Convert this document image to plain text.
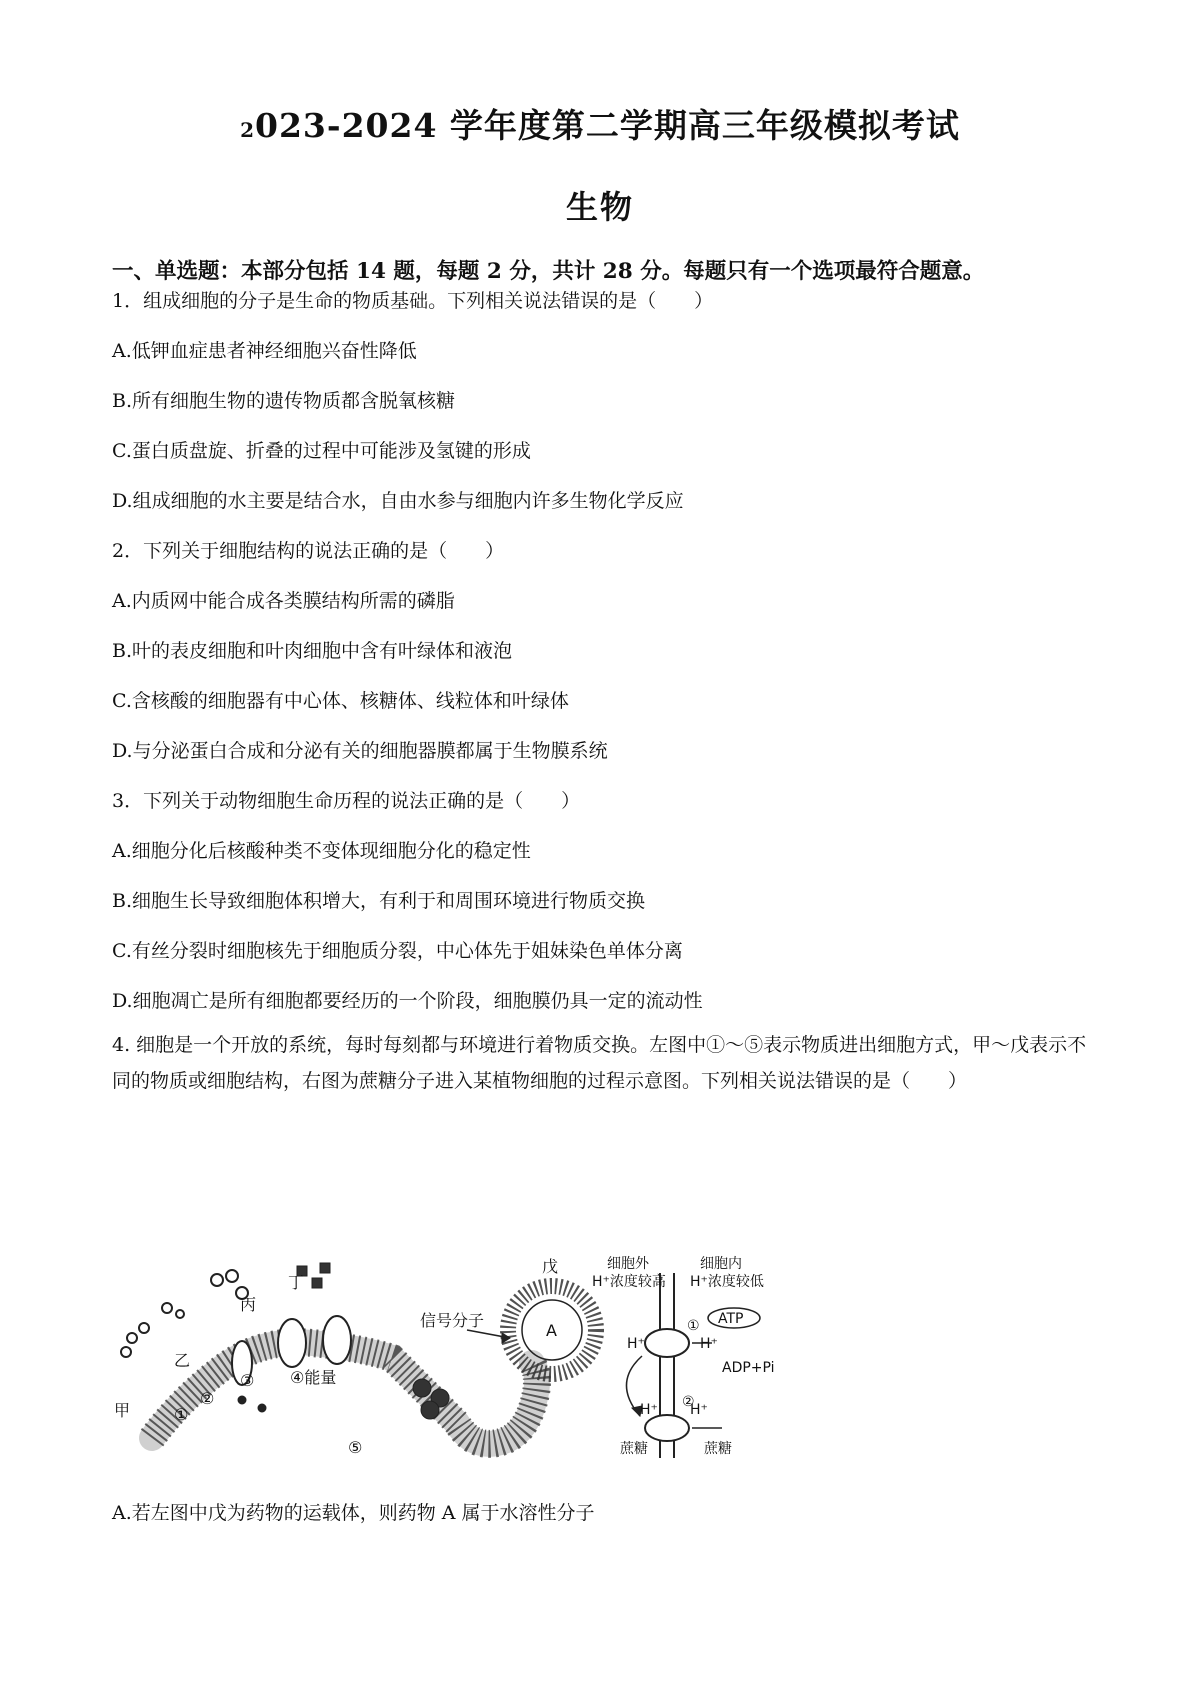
2023-2024 学年度第二学期高三年级模拟考试
生物
一、单选题：本部分包括 14 题，每题 2 分，共计 28 分。每题只有一个选项最符合题意。
1．组成细胞的分子是生命的物质基础。下列相关说法错误的是（　　）
A.低钾血症患者神经细胞兴奋性降低
B.所有细胞生物的遗传物质都含脱氧核糖
C.蛋白质盘旋、折叠的过程中可能涉及氢键的形成
D.组成细胞的水主要是结合水，自由水参与细胞内许多生物化学反应
2．下列关于细胞结构的说法正确的是（　　）
A.内质网中能合成各类膜结构所需的磷脂
B.叶的表皮细胞和叶肉细胞中含有叶绿体和液泡
C.含核酸的细胞器有中心体、核糖体、线粒体和叶绿体
D.与分泌蛋白合成和分泌有关的细胞器膜都属于生物膜系统
3．下列关于动物细胞生命历程的说法正确的是（　　）
A.细胞分化后核酸种类不变体现细胞分化的稳定性
B.细胞生长导致细胞体积增大，有利于和周围环境进行物质交换
C.有丝分裂时细胞核先于细胞质分裂，中心体先于姐妹染色单体分离
D.细胞凋亡是所有细胞都要经历的一个阶段，细胞膜仍具一定的流动性
4. 细胞是一个开放的系统，每时每刻都与环境进行着物质交换。左图中①～⑤表示物质进出细胞方式，甲～戊表示不同的物质或细胞结构，右图为蔗糖分子进入某植物细胞的过程示意图。下列相关说法错误的是（　　）
甲
乙
丙
丁
戊
信号分子
A
④能量
①
②
③
⑤
细胞外
H⁺浓度较高
细胞内
H⁺浓度较低
ATP
ADP+Pi
H⁺	H⁺
H⁺ H⁺
①
②
蔗糖	蔗糖
A.若左图中戊为药物的运载体，则药物 A 属于水溶性分子
